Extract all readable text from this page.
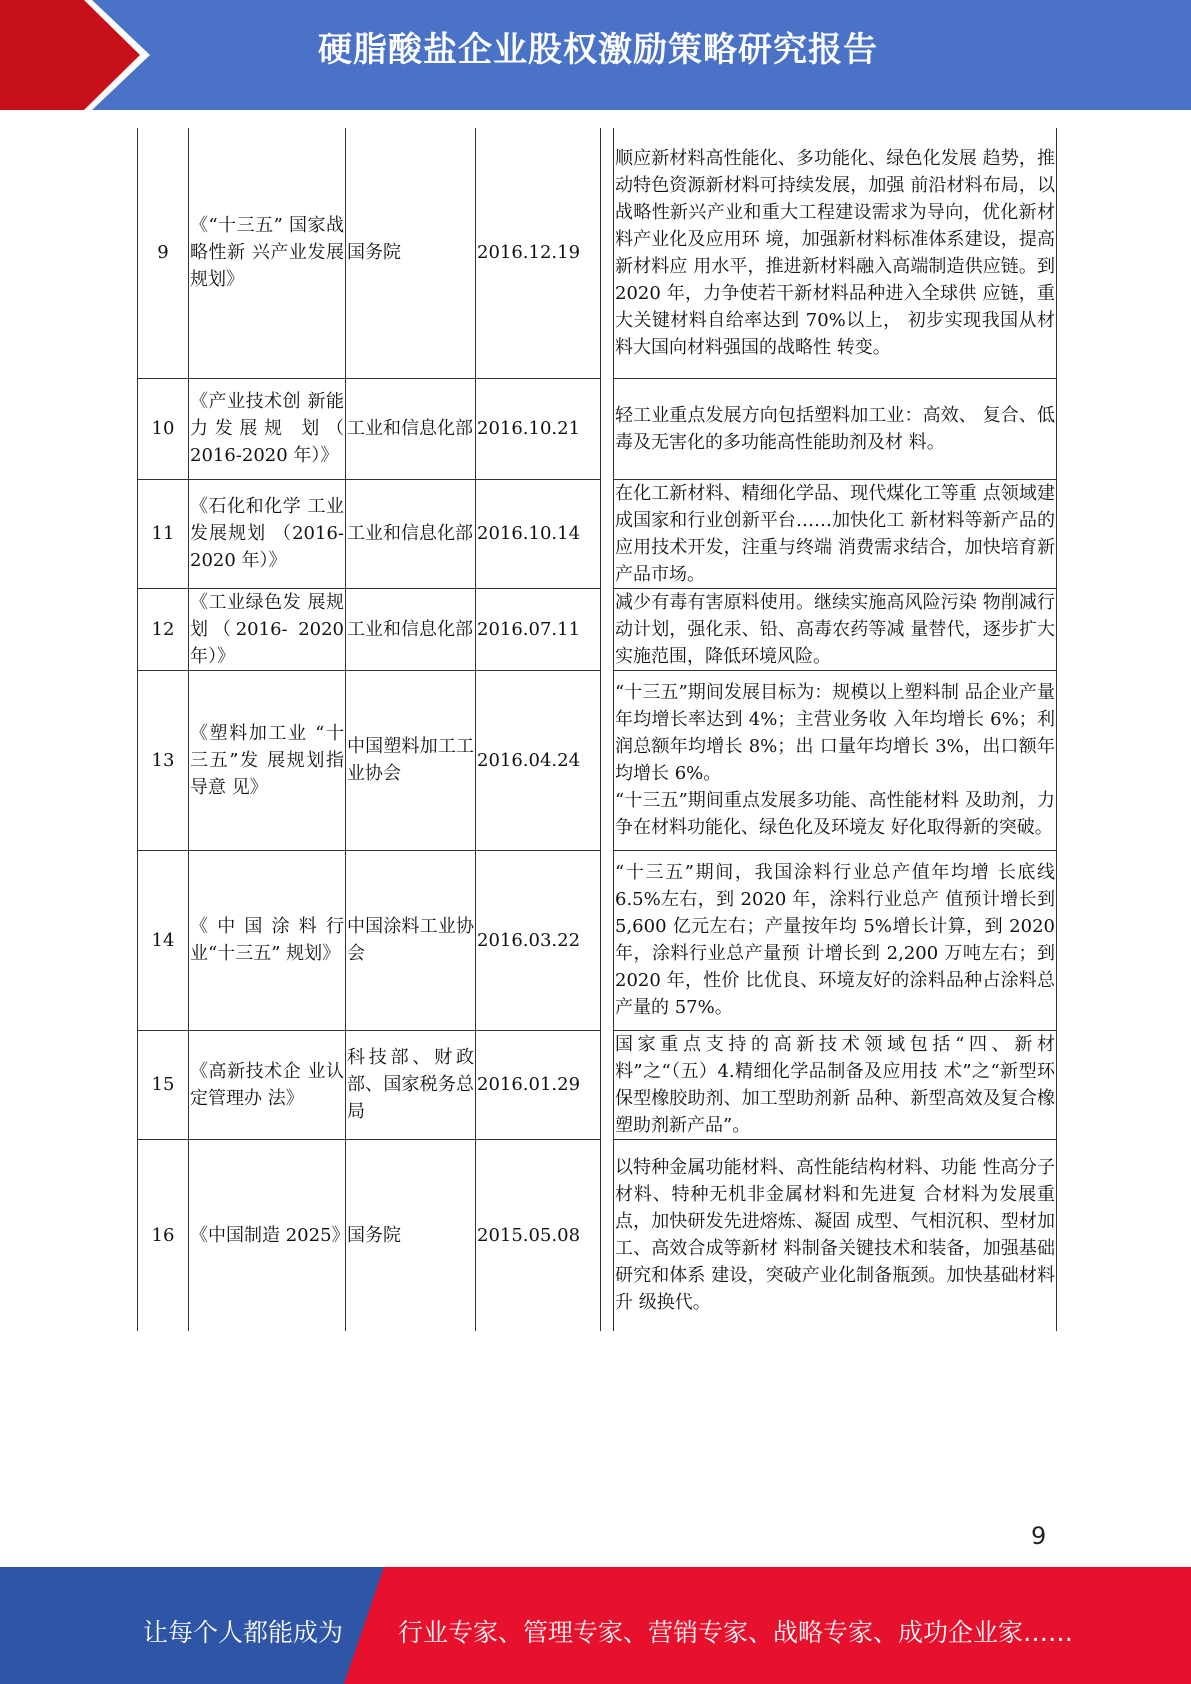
硬脂酸盐企业股权激励策略研究报告
9	《“十三五” 国家战略性新 兴产业发展规划》	国务院	2016.12.19		顺应新材料高性能化、多功能化、绿色化发展 趋势，推动特色资源新材料可持续发展，加强 前沿材料布局，以战略性新兴产业和重大工程建设需求为导向，优化新材料产业化及应用环 境，加强新材料标准体系建设，提高新材料应 用水平，推进新材料融入高端制造供应链。到 2020 年，力争使若干新材料品种进入全球供 应链，重大关键材料自给率达到 70%以上， 初步实现我国从材料大国向材料强国的战略性 转变。	
10	《产业技术创 新能力发展规 划（ 2016-2020 年）》	工业和信息化部	2016.10.21		轻工业重点发展方向包括塑料加工业：高效、 复合、低毒及无害化的多功能高性能助剂及材 料。	
11	《石化和化学 工业发展规划 （2016-2020 年）》	工业和信息化部	2016.10.14		在化工新材料、精细化学品、现代煤化工等重 点领域建成国家和行业创新平台……加快化工 新材料等新产品的应用技术开发，注重与终端 消费需求结合，加快培育新产品市场。	
12	《工业绿色发 展规划（2016- 2020 年）》	工业和信息化部	2016.07.11		减少有毒有害原料使用。继续实施高风险污染 物削减行动计划，强化汞、铅、高毒农药等减 量替代，逐步扩大实施范围，降低环境风险。	
13	《塑料加工业 “十三五”发 展规划指导意 见》	中国塑料加工工业协会	2016.04.24		“十三五”期间发展目标为：规模以上塑料制 品企业产量年均增长率达到 4%；主营业务收 入年均增长 6%；利润总额年均增长 8%；出 口量年均增长 3%，出口额年均增长 6%。
“十三五”期间重点发展多功能、高性能材料 及助剂，力争在材料功能化、绿色化及环境友 好化取得新的突破。	
14	《中国涂料行 业“十三五” 规划》	中国涂料工业协会	2016.03.22		“十三五”期间，我国涂料行业总产值年均增 长底线 6.5%左右，到 2020 年，涂料行业总产 值预计增长到 5,600 亿元左右；产量按年均 5%增长计算，到 2020 年，涂料行业总产量预 计增长到 2,200 万吨左右；到 2020 年，性价 比优良、环境友好的涂料品种占涂料总产量的 57%。	
15	《高新技术企 业认定管理办 法》	科技部、财政部、国家税务总局	2016.01.29		国家重点支持的高新技术领域包括“四、新材 料”之“（五）4.精细化学品制备及应用技 术”之“新型环保型橡胶助剂、加工型助剂新 品种、新型高效及复合橡塑助剂新产品”。	
16	《中国制造 2025》	国务院	2015.05.08		以特种金属功能材料、高性能结构材料、功能 性高分子材料、特种无机非金属材料和先进复 合材料为发展重点，加快研发先进熔炼、凝固 成型、气相沉积、型材加工、高效合成等新材 料制备关键技术和装备，加强基础研究和体系 建设，突破产业化制备瓶颈。加快基础材料升 级换代。	
9
让每个人都能成为 行业专家、管理专家、营销专家、战略专家、成功企业家……
